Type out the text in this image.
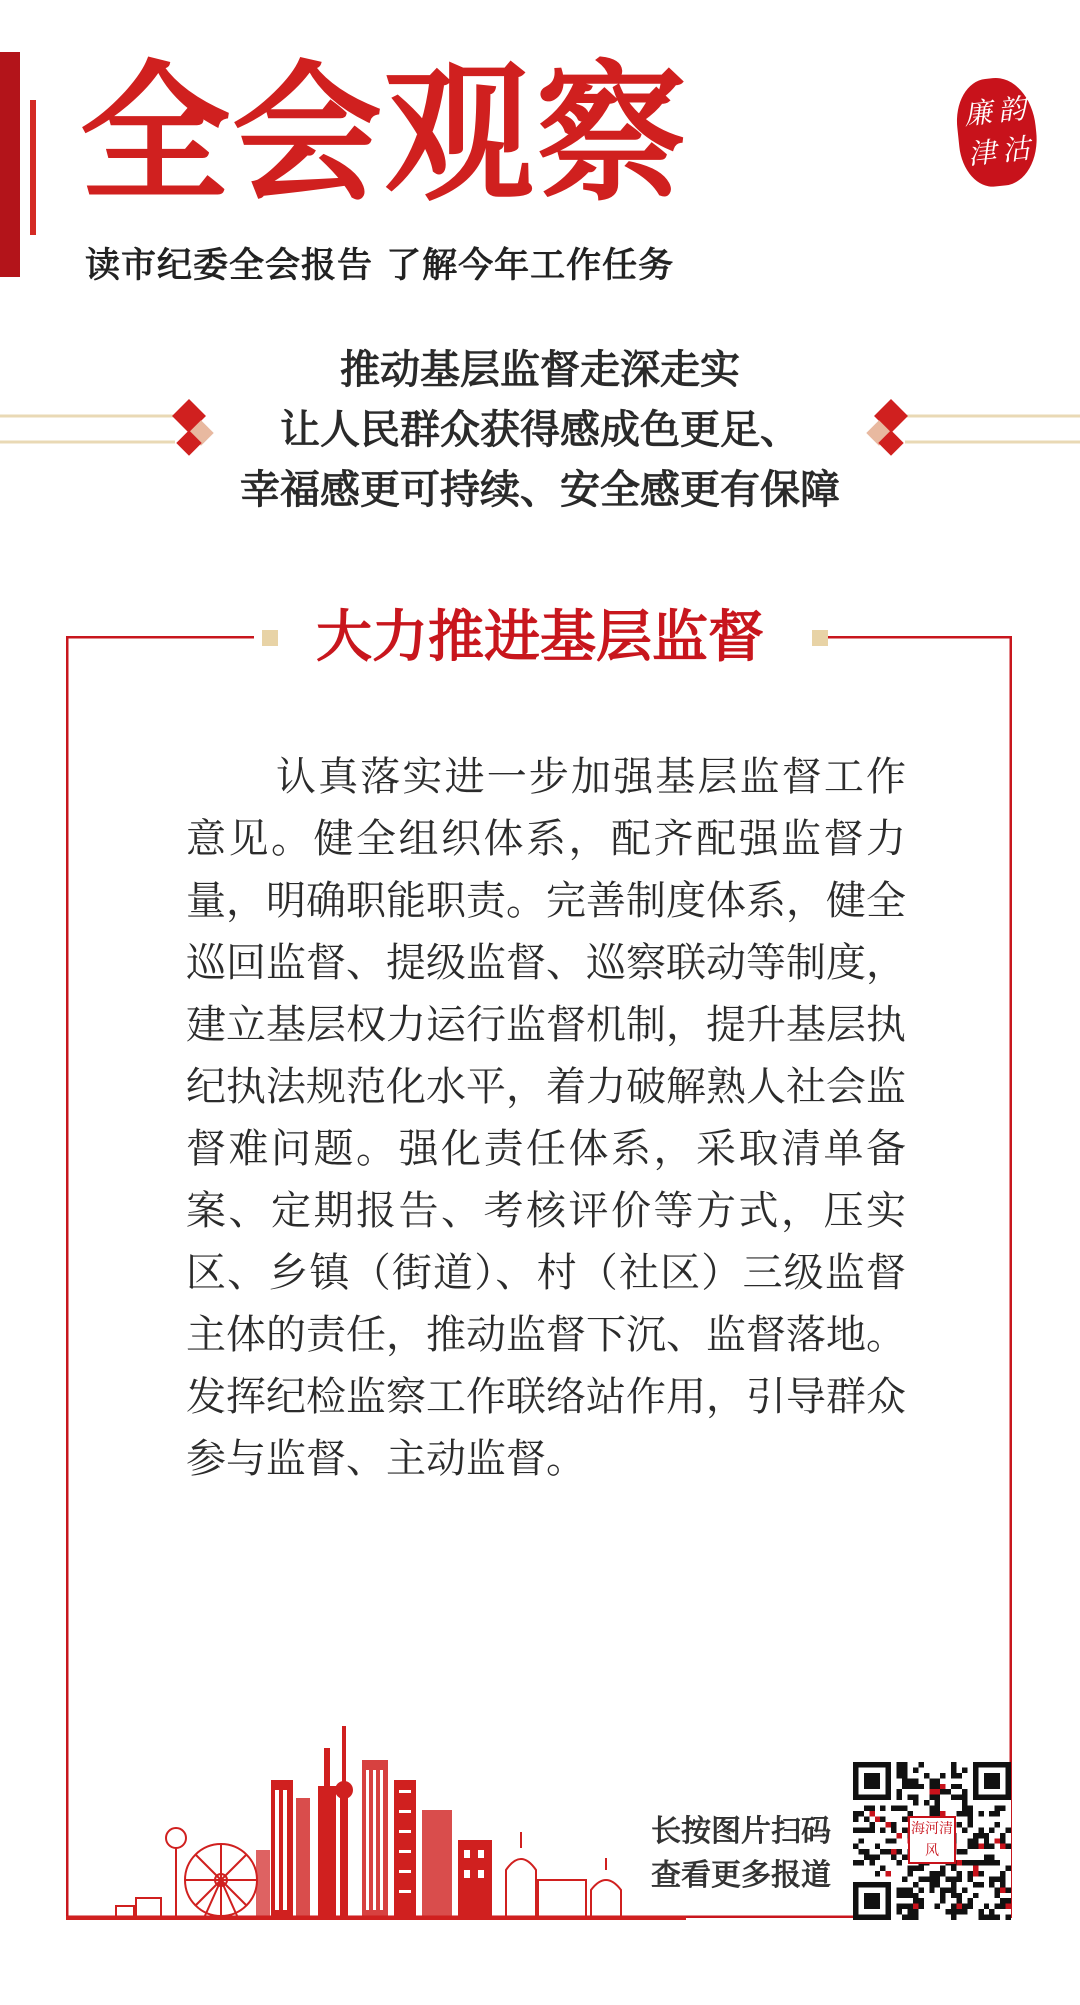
全会观察
读市纪委全会报告 了解今年工作任务
廉 韵
津 沽
推动基层监督走深走实
让人民群众获得感成色更足、
幸福感更可持续、安全感更有保障
大力推进基层监督
认真落实进一步加强基层监督工作意见。健全组织体系，配齐配强监督力量，明确职能职责。完善制度体系，健全巡回监督、提级监督、巡察联动等制度，建立基层权力运行监督机制，提升基层执纪执法规范化水平，着力破解熟人社会监督难问题。强化责任体系，采取清单备案、定期报告、考核评价等方式，压实区、乡镇（街道）、村（社区）三级监督主体的责任，推动监督下沉、监督落地。发挥纪检监察工作联络站作用，引导群众参与监督、主动监督。
长按图片扫码
查看更多报道
海 河 清
风
